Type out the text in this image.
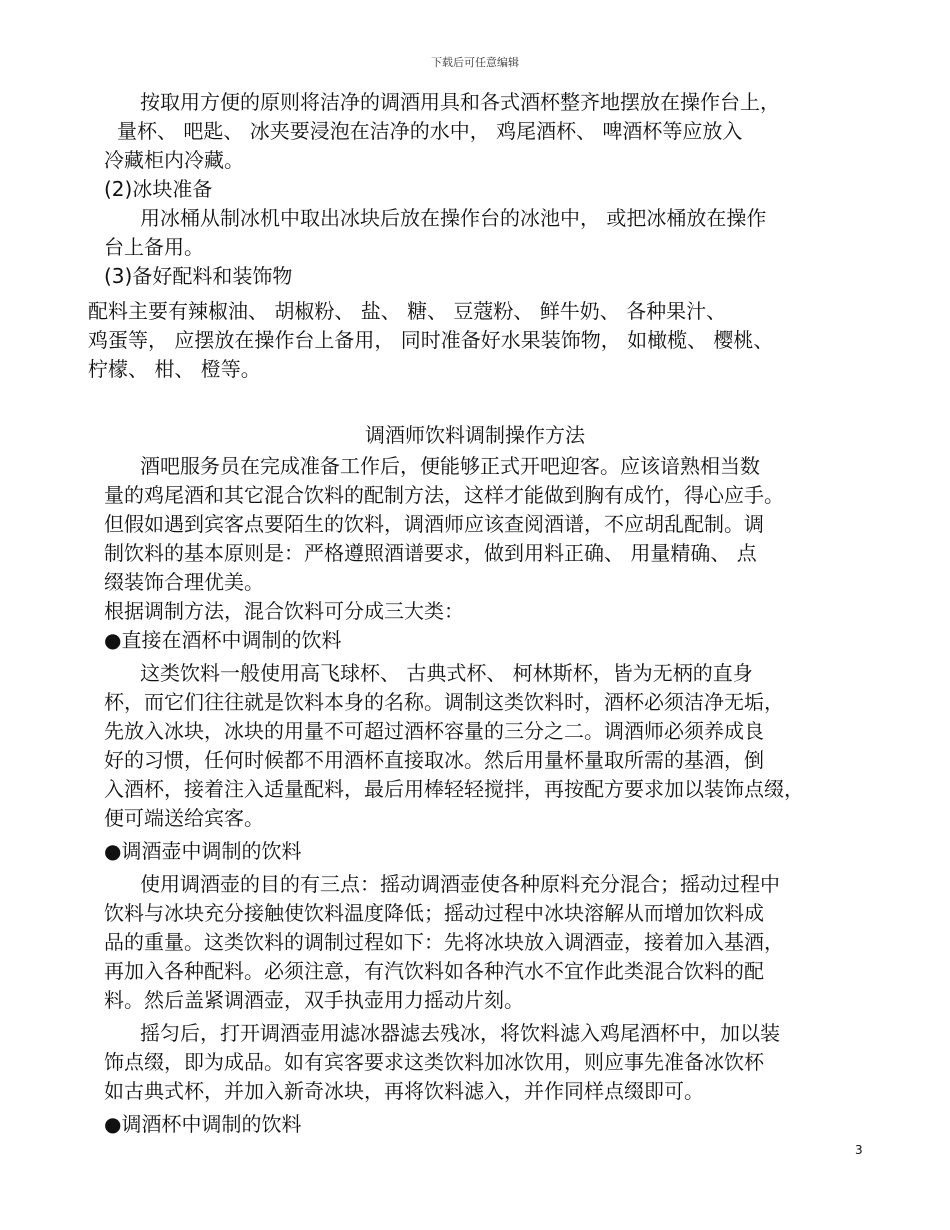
下载后可任意编辑
按取用方便的原则将洁净的调酒用具和各式酒杯整齐地摆放在操作台上，
量杯、 吧匙、 冰夹要浸泡在洁净的水中， 鸡尾酒杯、 啤酒杯等应放入
冷藏柜内冷藏。
(2)冰块准备
用冰桶从制冰机中取出冰块后放在操作台的冰池中， 或把冰桶放在操作
台上备用。
(3)备好配料和装饰物
配料主要有辣椒油、 胡椒粉、 盐、 糖、 豆蔻粉、 鲜牛奶、 各种果汁、
鸡蛋等， 应摆放在操作台上备用， 同时准备好水果装饰物， 如橄榄、 樱桃、
柠檬、 柑、 橙等。
调酒师饮料调制操作方法
酒吧服务员在完成准备工作后，便能够正式开吧迎客。应该谙熟相当数
量的鸡尾酒和其它混合饮料的配制方法，这样才能做到胸有成竹，得心应手。
但假如遇到宾客点要陌生的饮料，调酒师应该查阅酒谱，不应胡乱配制。调
制饮料的基本原则是：严格遵照酒谱要求，做到用料正确、 用量精确、 点
缀装饰合理优美。
根据调制方法，混合饮料可分成三大类：
●直接在酒杯中调制的饮料
这类饮料一般使用高飞球杯、 古典式杯、 柯林斯杯，皆为无柄的直身
杯，而它们往往就是饮料本身的名称。调制这类饮料时，酒杯必须洁净无垢，
先放入冰块，冰块的用量不可超过酒杯容量的三分之二。调酒师必须养成良
好的习惯，任何时候都不用酒杯直接取冰。然后用量杯量取所需的基酒，倒
入酒杯，接着注入适量配料，最后用棒轻轻搅拌，再按配方要求加以装饰点缀，
便可端送给宾客。
●调酒壶中调制的饮料
使用调酒壶的目的有三点：摇动调酒壶使各种原料充分混合；摇动过程中
饮料与冰块充分接触使饮料温度降低；摇动过程中冰块溶解从而增加饮料成
品的重量。这类饮料的调制过程如下：先将冰块放入调酒壶，接着加入基酒，
再加入各种配料。必须注意，有汽饮料如各种汽水不宜作此类混合饮料的配
料。然后盖紧调酒壶，双手执壶用力摇动片刻。
摇匀后，打开调酒壶用滤冰器滤去残冰，将饮料滤入鸡尾酒杯中，加以装
饰点缀，即为成品。如有宾客要求这类饮料加冰饮用，则应事先准备冰饮杯
如古典式杯，并加入新奇冰块，再将饮料滤入，并作同样点缀即可。
●调酒杯中调制的饮料
3
